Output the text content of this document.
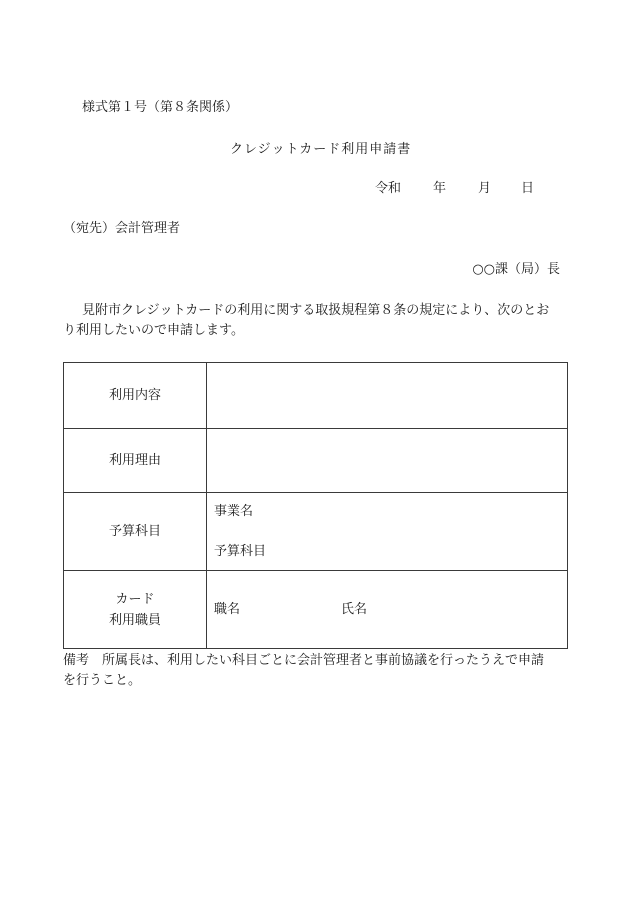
様式第１号（第８条関係）
クレジットカード利用申請書
令和 年 月 日
（宛先）会計管理者
○○課（局）長
見附市クレジットカードの利用に関する取扱規程第８条の規定により、次のとお
り利用したいので申請します。
利用内容
利用理由
予算科目
事業名
予算科目
カード
利用職員
職名	氏名
備考　所属長は、利用したい科目ごとに会計管理者と事前協議を行ったうえで申請
を行うこと。
